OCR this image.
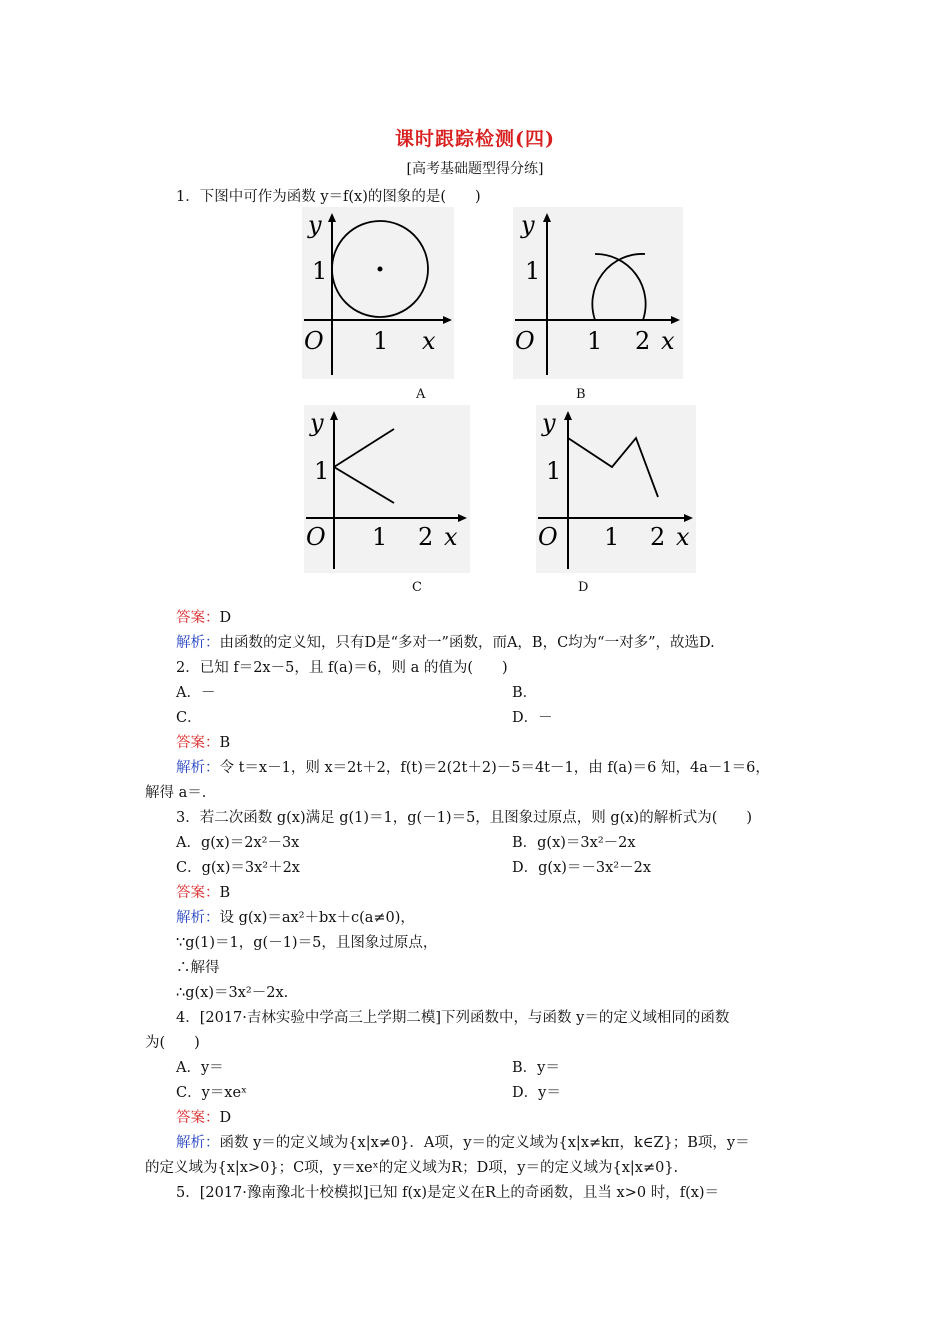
课时跟踪检测(四)
[高考基础题型得分练]
1．下图中可作为函数 y＝f(x)的图象的是(　　)
y
1
O 1 x
A
y
1
O 1 2 x
B
y
1
O 1 2 x
C
y
1
O 1 2 x
D
答案：D
解析：由函数的定义知，只有D是“多对一”函数，而A，B，C均为“一对多”，故选D.
2．已知 f＝2x－5，且 f(a)＝6，则 a 的值为(　　)
A．－	B．
C．	D．－
答案：B
解析：令 t＝x－1，则 x＝2t＋2，f(t)＝2(2t＋2)－5＝4t－1，由 f(a)＝6 知，4a－1＝6，
解得 a＝.
3．若二次函数 g(x)满足 g(1)＝1，g(－1)＝5，且图象过原点，则 g(x)的解析式为(　　)
A．g(x)＝2x²－3x	B．g(x)＝3x²－2x
C．g(x)＝3x²＋2x	D．g(x)＝－3x²－2x
答案：B
解析：设 g(x)＝ax²＋bx＋c(a≠0)，
∵g(1)＝1，g(－1)＝5，且图象过原点，
∴解得
∴g(x)＝3x²－2x.
4．[2017·吉林实验中学高三上学期二模]下列函数中，与函数 y＝的定义域相同的函数
为(　　)
A．y＝	B．y＝
C．y＝xeˣ	D．y＝
答案：D
解析：函数 y＝的定义域为{x|x≠0}．A项，y＝的定义域为{x|x≠kπ，k∈Z}；B项，y＝
的定义域为{x|x>0}；C项，y＝xeˣ的定义域为R；D项，y＝的定义域为{x|x≠0}.
5．[2017·豫南豫北十校模拟]已知 f(x)是定义在R上的奇函数，且当 x>0 时，f(x)＝
